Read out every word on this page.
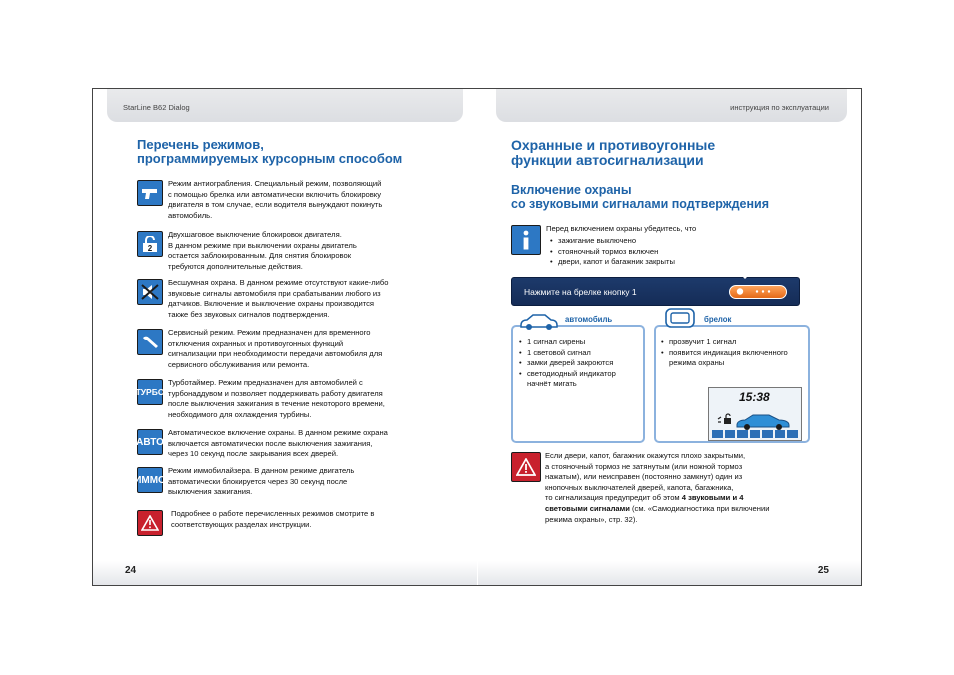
StarLine B62 Dialog
Перечень режимов,
программируемых курсорным способом
Режим антиограбления. Специальный режим, позволяющий
с помощью брелка или автоматически включить блокировку
двигателя в том случае, если водителя вынуждают покинуть
автомобиль.
2
Двухшаговое выключение блокировок двигателя.
В данном режиме при выключении охраны двигатель
остается заблокированным. Для снятия блокировок
требуются дополнительные действия.
Бесшумная охрана. В данном режиме отсутствуют какие-либо
звуковые сигналы автомобиля при срабатывании любого из
датчиков. Включение и выключение охраны производится
также без звуковых сигналов подтверждения.
Сервисный режим. Режим предназначен для временного
отключения охранных и противоугонных функций
сигнализации при необходимости передачи автомобиля для
сервисного обслуживания или ремонта.
ТУРБО
Турботаймер. Режим предназначен для автомобилей с
турбонаддувом и позволяет поддерживать работу двигателя
после выключения зажигания в течение некоторого времени,
необходимого для охлаждения турбины.
АВТО
Автоматическое включение охраны. В данном режиме охрана
включается автоматически после выключения зажигания,
через 10 секунд после закрывания всех дверей.
ИММО
Режим иммобилайзера. В данном режиме двигатель
автоматически блокируется через 30 секунд после
выключения зажигания.
Подробнее о работе перечисленных режимов смотрите в
соответствующих разделах инструкции.
24
инструкция по эксплуатации
Охранные и противоугонные
функции автосигнализации
Включение охраны
со звуковыми сигналами подтверждения
Перед включением охраны убедитесь, что
• зажигание выключено
• стояночный тормоз включен
• двери, капот и багажник закрыты
Нажмите на брелке кнопку 1
автомобиль
• 1 сигнал сирены
• 1 световой сигнал
• замки дверей закроются
• светодиодный индикатор начнёт мигать
15:38
брелок
• прозвучит 1 сигнал
• появится индикация включенного режима охраны
Если двери, капот, багажник окажутся плохо закрытыми,
а стояночный тормоз не затянутым (или ножной тормоз
нажатым), или неисправен (постоянно замкнут) один из
кнопочных выключателей дверей, капота, багажника,
то сигнализация предупредит об этом 4 звуковыми и 4
световыми сигналами (см. «Самодиагностика при включении
режима охраны», стр. 32).
25
